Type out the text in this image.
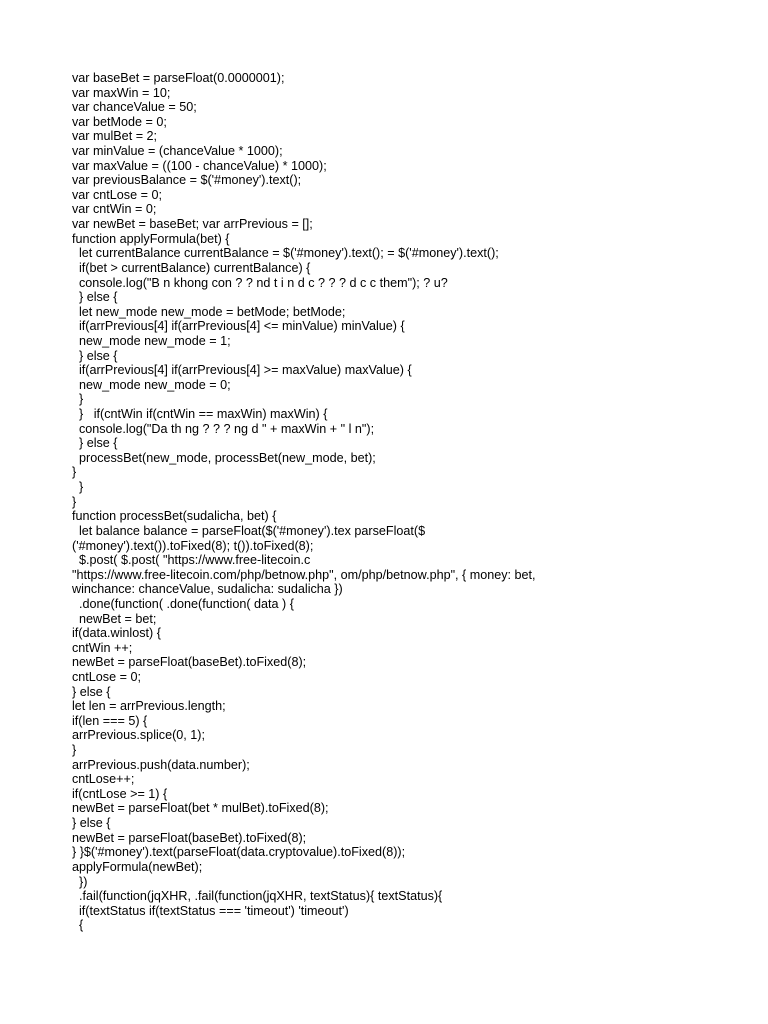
var baseBet = parseFloat(0.0000001);
var maxWin = 10;
var chanceValue = 50;
var betMode = 0;
var mulBet = 2;
var minValue = (chanceValue * 1000);
var maxValue = ((100 - chanceValue) * 1000);
var previousBalance = $('#money').text();
var cntLose = 0;
var cntWin = 0;
var newBet = baseBet; var arrPrevious = [];
function applyFormula(bet) {
let currentBalance currentBalance = $('#money').text(); = $('#money').text();
if(bet > currentBalance) currentBalance) {
console.log("B n khong con ? ? nd t i n d c ? ? ? d c c them"); ? u?
} else {
let new_mode new_mode = betMode; betMode;
if(arrPrevious[4] if(arrPrevious[4] <= minValue) minValue) {
new_mode new_mode = 1;
} else {
if(arrPrevious[4] if(arrPrevious[4] >= maxValue) maxValue) {
new_mode new_mode = 0;
}
}   if(cntWin if(cntWin == maxWin) maxWin) {
console.log("Da th ng ? ? ? ng d " + maxWin + " l n");
} else {
processBet(new_mode, processBet(new_mode, bet);
}
}
}
function processBet(sudalicha, bet) {
let balance balance = parseFloat($('#money').tex parseFloat($
('#money').text()).toFixed(8); t()).toFixed(8);
$.post( $.post( "https://www.free-litecoin.c
"https://www.free-litecoin.com/php/betnow.php", om/php/betnow.php", { money: bet,
winchance: chanceValue, sudalicha: sudalicha })
.done(function( .done(function( data ) {
newBet = bet;
if(data.winlost) {
cntWin ++;
newBet = parseFloat(baseBet).toFixed(8);
cntLose = 0;
} else {
let len = arrPrevious.length;
if(len === 5) {
arrPrevious.splice(0, 1);
}
arrPrevious.push(data.number);
cntLose++;
if(cntLose >= 1) {
newBet = parseFloat(bet * mulBet).toFixed(8);
} else {
newBet = parseFloat(baseBet).toFixed(8);
} }$('#money').text(parseFloat(data.cryptovalue).toFixed(8));
applyFormula(newBet);
})
.fail(function(jqXHR, .fail(function(jqXHR, textStatus){ textStatus){
if(textStatus if(textStatus === 'timeout') 'timeout')
{
